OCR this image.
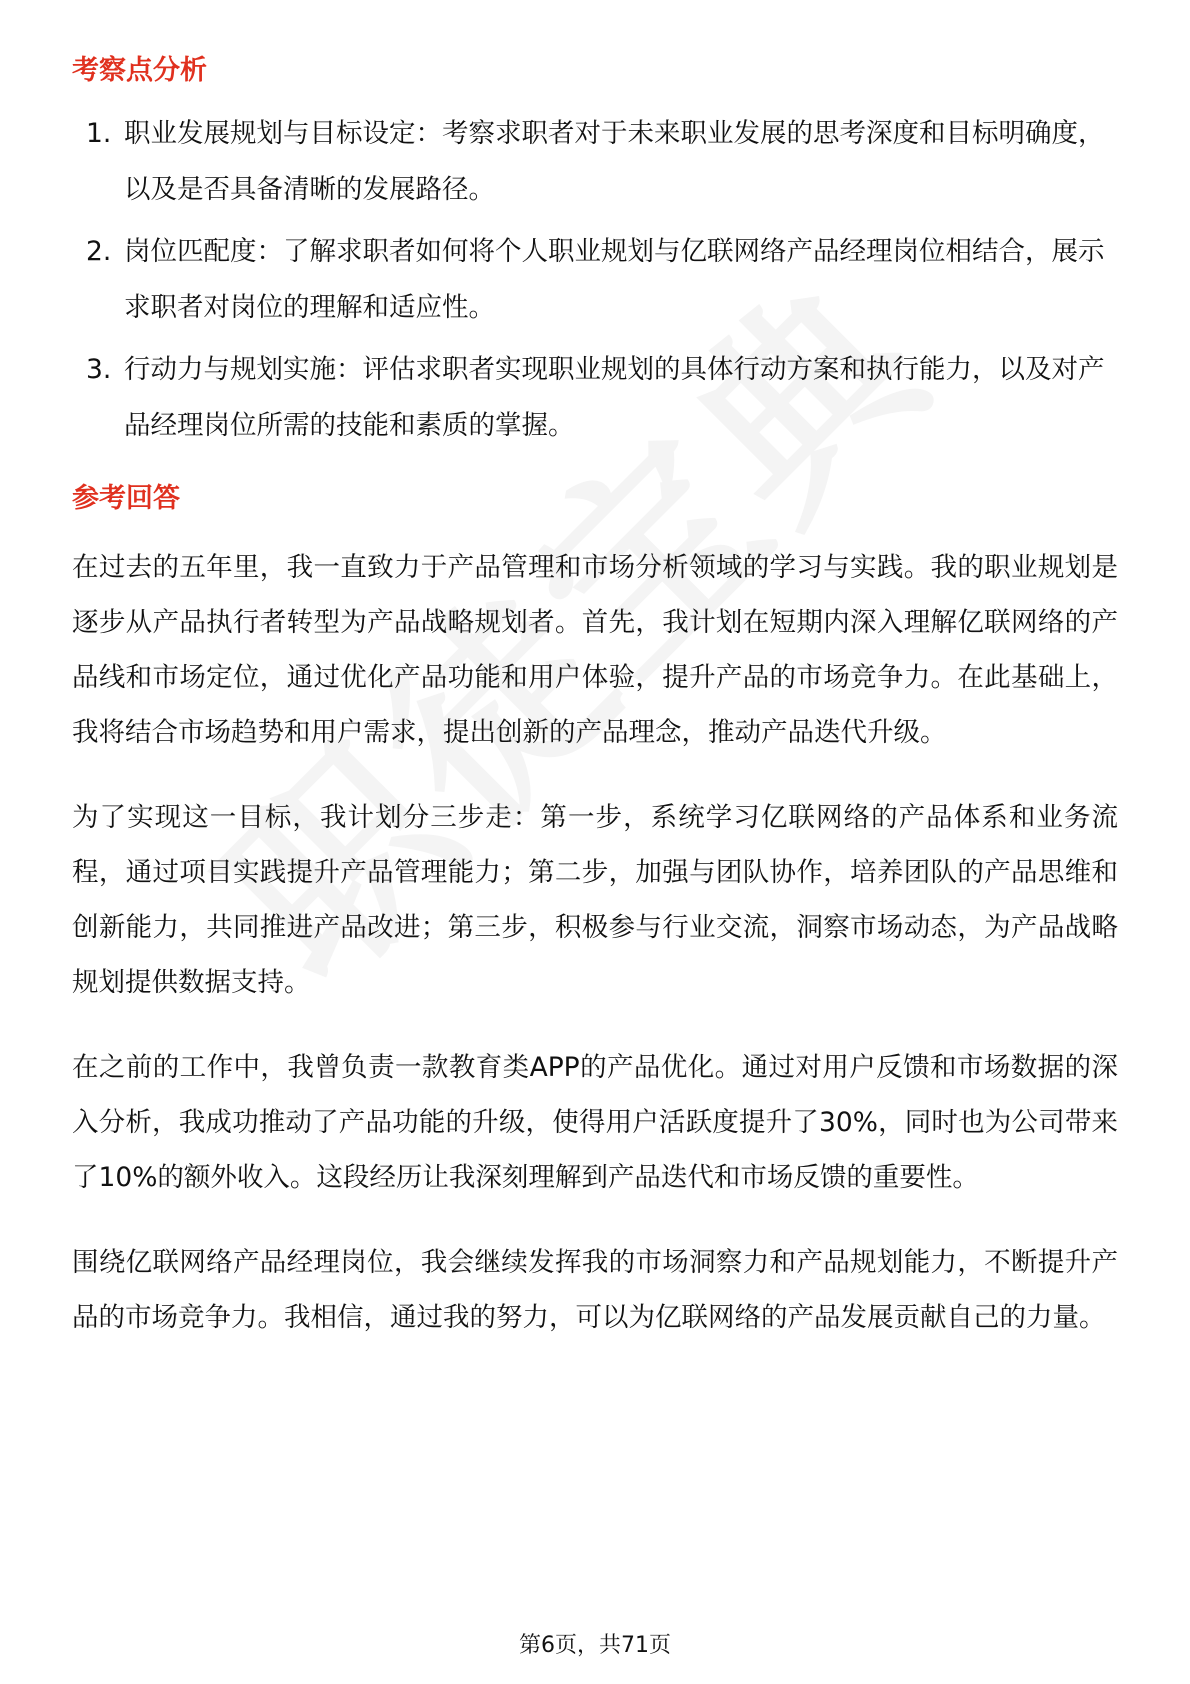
考察点分析
1. 职业发展规划与目标设定：考察求职者对于未来职业发展的思考深度和目标明确度，以及是否具备清晰的发展路径。
2. 岗位匹配度：了解求职者如何将个人职业规划与亿联网络产品经理岗位相结合，展示求职者对岗位的理解和适应性。
3. 行动力与规划实施：评估求职者实现职业规划的具体行动方案和执行能力，以及对产品经理岗位所需的技能和素质的掌握。
参考回答

在过去的五年里，我一直致力于产品管理和市场分析领域的学习与实践。我的职业规划是逐步从产品执行者转型为产品战略规划者。首先，我计划在短期内深入理解亿联网络的产品线和市场定位，通过优化产品功能和用户体验，提升产品的市场竞争力。在此基础上，我将结合市场趋势和用户需求，提出创新的产品理念，推动产品迭代升级。

为了实现这一目标，我计划分三步走：第一步，系统学习亿联网络的产品体系和业务流程，通过项目实践提升产品管理能力；第二步，加强与团队协作，培养团队的产品思维和创新能力，共同推进产品改进；第三步，积极参与行业交流，洞察市场动态，为产品战略规划提供数据支持。

在之前的工作中，我曾负责一款教育类APP的产品优化。通过对用户反馈和市场数据的深入分析，我成功推动了产品功能的升级，使得用户活跃度提升了30%，同时也为公司带来了10%的额外收入。这段经历让我深刻理解到产品迭代和市场反馈的重要性。

围绕亿联网络产品经理岗位，我会继续发挥我的市场洞察力和产品规划能力，不断提升产品的市场竞争力。我相信，通过我的努力，可以为亿联网络的产品发展贡献自己的力量。

第6页，共71页
